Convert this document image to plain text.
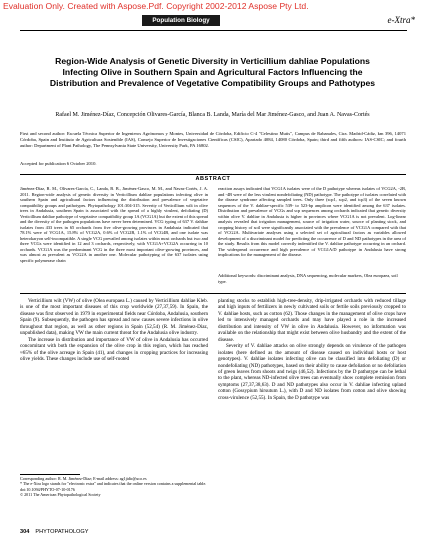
Evaluation Only. Created with Aspose.Pdf. Copyright 2002-2012 Aspose Pty Ltd.
Population Biology	e-Xtra*
Region-Wide Analysis of Genetic Diversity in Verticillium dahliae Populations Infecting Olive in Southern Spain and Agricultural Factors Influencing the Distribution and Prevalence of Vegetative Compatibility Groups and Pathotypes
Rafael M. Jiménez-Díaz, Concepción Olivares-García, Blanca B. Landa, María del Mar Jiménez-Gasco, and Juan A. Navas-Cortés
First and second author: Escuela Técnica Superior de Ingenieros Agrónomos y Montes, Universidad de Córdoba, Edificio C-4 "Celestino Mutis", Campus de Rabanales, Ctra. Madrid-Cádiz, km 396, 14071 Córdoba, Spain and Instituto de Agricultura Sostenible (IAS), Consejo Superior de Investigaciones Científicas (CSIC), Apartado 4084, 14080 Córdoba, Spain; third and fifth authors: IAS-CSIC; and fourth author: Department of Plant Pathology, The Pennsylvania State University, University Park, PA 16802.
Accepted for publication 6 October 2010.
ABSTRACT
Jiménez-Díaz, R. M., Olivares-García, C., Landa, B. B., Jiménez-Gasco, M. M., and Navas-Cortés, J. A. 2011. Region-wide analysis of genetic diversity in Verticillium dahliae populations infecting olive in southern Spain and agricultural factors influencing the distribution and prevalence of vegetative compatibility groups and pathotypes. Phytopathology 101:304-315. Severity of Verticillium wilt in olive trees in Andalusia, southern Spain is associated with the spread of a highly virulent, defoliating (D) Verticillium dahliae pathotype of vegetative compatibility group 1A (VCG1A) but the extent of this spread and the diversity of the pathogen populations have never been determined. VCG typing of 637 V. dahliae isolates from 433 trees in 65 orchards from five olive-growing provinces in Andalusia indicated that 78.1% were of VCG1A, 15.8% of VCG2A, 0.6% of VCG2B, 1.1% of VCG4B, and one isolate was heterokaryon self-incompatible. A single VCG prevailed among isolates within most orchards but two and three VCGs were identified in 12 and 3 orchards, respectively, with VCG1A+VCG2A occurring in 10 orchards. VCG1A was the predominant VCG in the three most important olive-growing provinces, and was almost as prevalent as VCG2A in another one. Molecular pathotyping of the 637 isolates using specific polymerase chain
reaction assays indicated that VCG1A isolates were of the D pathotype whereas isolates of VCG2A, -2B, and -4B were of the less virulent nondefoliating (ND) pathotype. The pathotype of isolates correlated with the disease syndrome affecting sampled trees. Only three (scp1, scp2, and tcp3) of the seven known sequences of the V. dahliae-specific 539- to 523-bp amplicon were identified among the 637 isolates. Distribution and prevalence of VCGs and scp sequences among orchards indicated that genetic diversity within olive V. dahliae in Andalusia is higher in provinces where VCG1A is not prevalent. Log-linear analysis revealed that irrigation management, source of irrigation water, source of planting stock, and cropping history of soil were significantly associated with the prevalence of VCG1A compared with that of VCG2A. Multivariate analyses using a selected set of agricultural factors as variables allowed development of a discriminant model for predicting the occurrence of D and ND pathotypes in the area of the study. Results from this model correctly indentified the V. dahliae pathotype occurring in an orchard. The widespread occurrence and high prevalence of VCG1A/D pathotype in Andalusia have strong implications for the management of the disease.
Additional keywords: discriminant analysis, DNA sequencing, molecular markers, Olea europaea, soil type.

Verticillium wilt (VW) of olive (Olea europaea L.) caused by Verticillium dahliae Kleb. is one of the most important diseases of this crop worldwide (27,37,59). In Spain, the disease was first observed in 1979 in experimental fields near Córdoba, Andalusia, southern Spain (9). Subsequently, the pathogen has spread and now causes severe infections in olive throughout that region, as well as other regions in Spain (52,54) (R. M. Jiménez-Díaz, unpublished data), making VW the main current threat for the Andalusia olive industry.

The increase in distribution and importance of VW of olive in Andalusia has occurred concomitant with both the expansion of the olive crop in this region, which has reached ≈65% of the olive acreage in Spain (41), and changes in cropping practices for increasing olive yields. These changes include use of self-rooted

planting stocks to establish high-tree-density, drip-irrigated orchards with reduced tillage and high inputs of fertilizers in newly cultivated soils or fertile soils previously cropped to V. dahliae hosts, such as cotton (62). Those changes in the management of olive crops have led to intensively managed orchards and may have played a role in the increased distribution and intensity of VW in olive in Andalusia. However, no information was available on the relationship that might exist between olive husbandry and the extent of the disease.

Severity of V. dahliae attacks on olive strongly depends on virulence of the pathogen isolates (here defined as the amount of disease caused on individual hosts or host genotypes). V. dahliae isolates infecting olive can be classified into defoliating (D) or nondefoliating (ND) pathotypes, based on their ability to cause defoliation or no defoliation of green leaves from shoots and twigs (46,52). Infections by the D pathotype can be lethal to the plant, whereas ND-infected olive trees can eventually show complete remission from symptoms (27,37,38,63). D and ND pathotypes also occur in V. dahliae infecting upland cotton (Gossypium hirsutum L.), with D and ND isolates from cotton and olive showing cross-virulence (52,55). In Spain, the D pathotype was

Corresponding author: R. M. Jiménez-Díaz; E-mail address: ag1jidir@uco.es

* The e-Xtra logo stands for "electronic extra" and indicates that the online version contains a supplemental table.

doi:10.1094/PHYTO-07-10-0176

© 2011 The American Phytopathological Society

304 PHYTOPATHOLOGY
